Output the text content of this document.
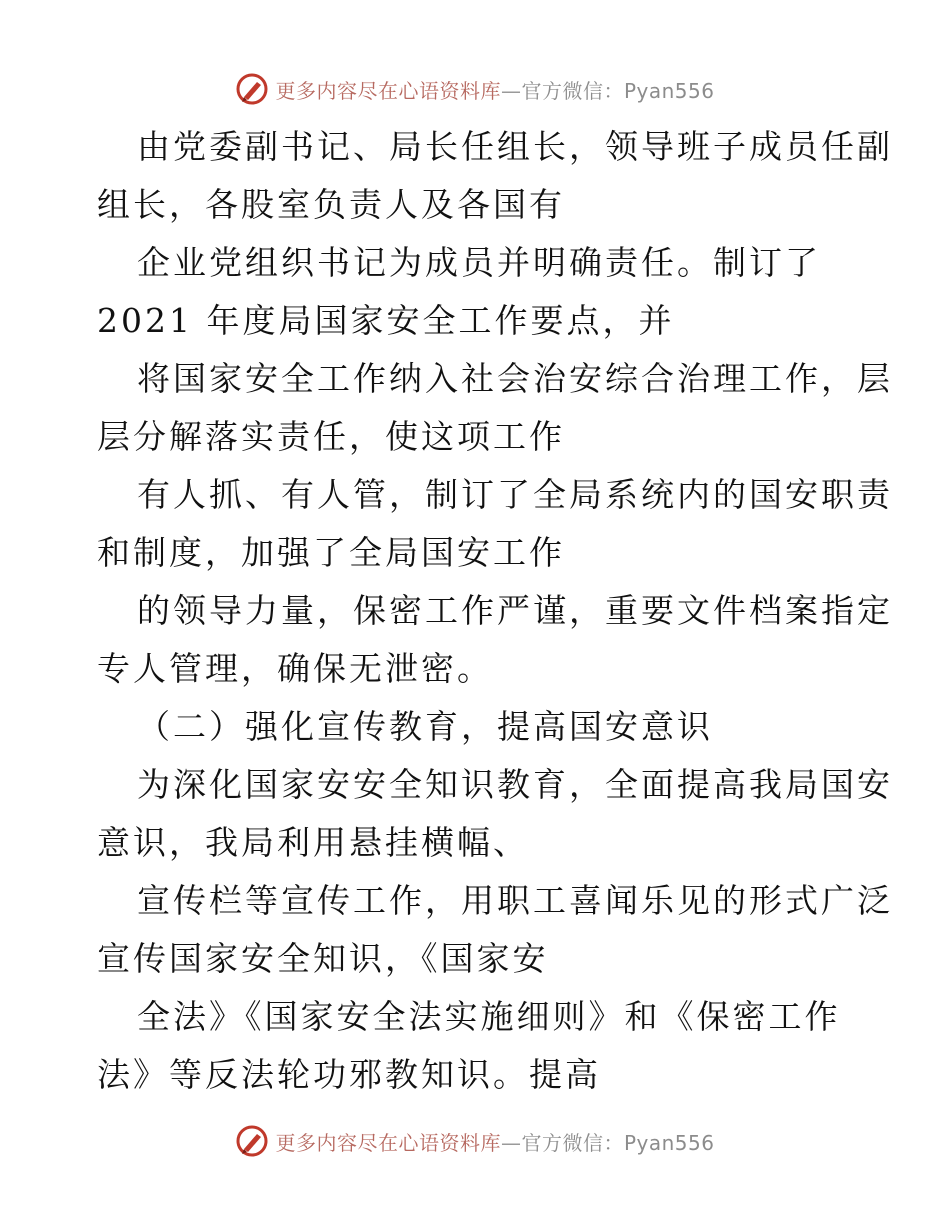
更多内容尽在心语资料库—官方微信：Pyan556
由党委副书记、局长任组长，领导班子成员任副
组长，各股室负责人及各国有
企业党组织书记为成员并明确责任。制订了
2021 年度局国家安全工作要点，并
将国家安全工作纳入社会治安综合治理工作，层
层分解落实责任，使这项工作
有人抓、有人管，制订了全局系统内的国安职责
和制度，加强了全局国安工作
的领导力量，保密工作严谨，重要文件档案指定
专人管理，确保无泄密。
（二）强化宣传教育，提高国安意识
为深化国家安安全知识教育，全面提高我局国安
意识，我局利用悬挂横幅、
宣传栏等宣传工作，用职工喜闻乐见的形式广泛
宣传国家安全知识，《国家安
全法》《国家安全法实施细则》和《保密工作
法》等反法轮功邪教知识。提高
更多内容尽在心语资料库—官方微信：Pyan556
